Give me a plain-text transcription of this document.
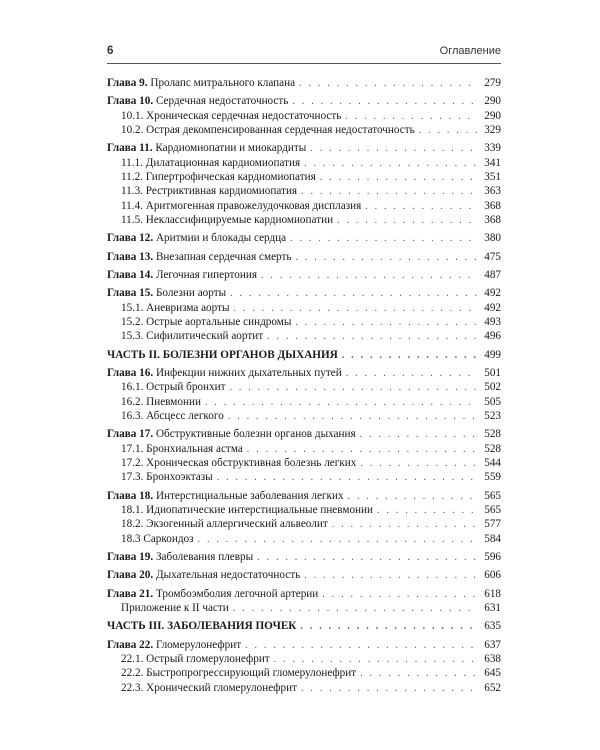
6	Оглавление
Глава 9. Пролапс митрального клапана . . .	279
Глава 10. Сердечная недостаточность . . .	290
10.1. Хроническая сердечная недостаточность . . .	290
10.2. Острая декомпенсированная сердечная недостаточность . . .	329
Глава 11. Кардиомиопатии и миокардиты . . .	339
11.1. Дилатационная кардиомиопатия . . .	341
11.2. Гипертрофическая кардиомиопатия . . .	351
11.3. Рестриктивная кардиомиопатия . . .	363
11.4. Аритмогенная правожелудочковая дисплазия . . .	368
11.5. Неклассифицируемые кардиомиопатии . . .	368
Глава 12. Аритмии и блокады сердца . . .	380
Глава 13. Внезапная сердечная смерть . . .	475
Глава 14. Легочная гипертония . . .	487
Глава 15. Болезни аорты . . .	492
15.1. Аневризма аорты . . .	492
15.2. Острые аортальные синдромы . . .	493
15.3. Сифилитический аортит . . .	496
ЧАСТЬ II. БОЛЕЗНИ ОРГАНОВ ДЫХАНИЯ . . .	499
Глава 16. Инфекции нижних дыхательных путей . . .	501
16.1. Острый бронхит . . .	502
16.2. Пневмонии . . .	505
16.3. Абсцесс легкого . . .	523
Глава 17. Обструктивные болезни органов дыхания . . .	528
17.1. Бронхиальная астма . . .	528
17.2. Хроническая обструктивная болезнь легких . . .	544
17.3. Бронхоэктазы . . .	559
Глава 18. Интерстициальные заболевания легких . . .	565
18.1. Идиопатические интерстициальные пневмонии . . .	565
18.2. Экзогенный аллергический альвеолит . . .	577
18.3 Саркоидоз . . .	584
Глава 19. Заболевания плевры . . .	596
Глава 20. Дыхательная недостаточность . . .	606
Глава 21. Тромбоэмболия легочной артерии . . .	618
Приложение к II части . . .	631
ЧАСТЬ III. ЗАБОЛЕВАНИЯ ПОЧЕК . . .	635
Глава 22. Гломерулонефрит . . .	637
22.1. Острый гломерулонефрит . . .	638
22.2. Быстропрогрессирующий гломерулонефрит . . .	645
22.3. Хронический гломерулонефрит . . .	652
